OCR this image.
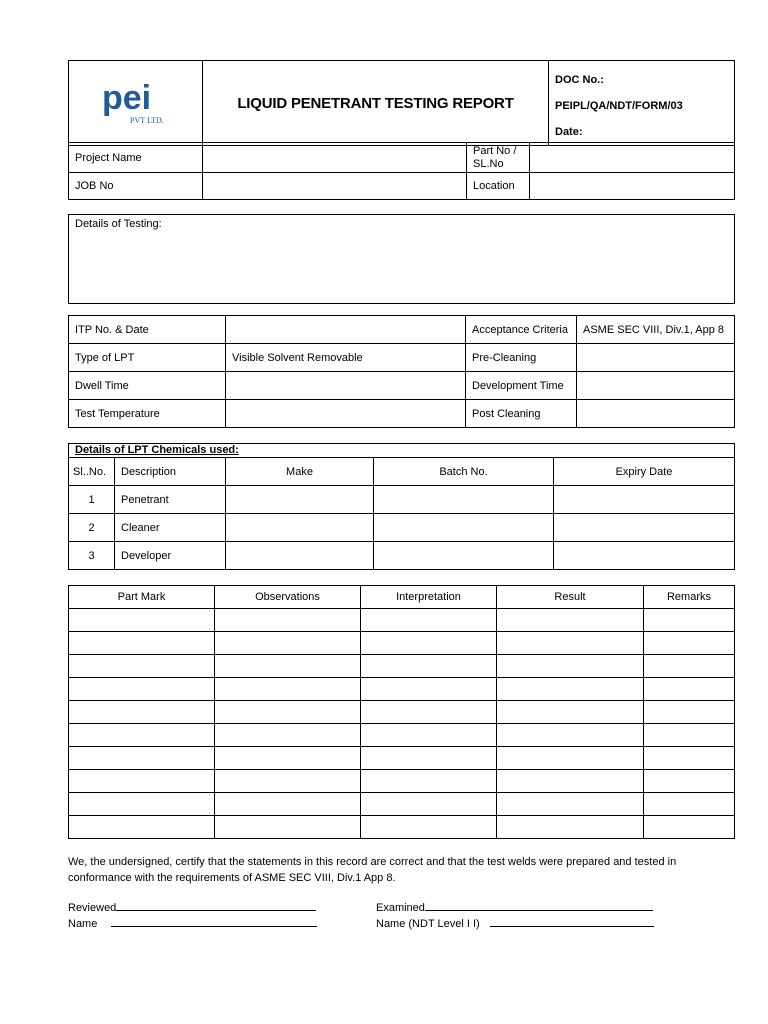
pei
PVT LTD.
	LIQUID PENETRANT TESTING REPORT	
DOC No.: PEIPL/QA/NDT/FORM/03
Date:
Project Name		Part No /
SL.No	

JOB No		Location	
Details of Testing:
ITP No. & Date		Acceptance Criteria	ASME SEC VIII, Div.1, App 8
Type of LPT	Visible Solvent Removable	Pre-Cleaning	
Dwell Time		Development Time	
Test Temperature		Post Cleaning	
Details of LPT Chemicals used:				
Sl..No.	Description	Make	Batch No.	Expiry Date
1	Penetrant			
2	Cleaner			
3	Developer			
Part Mark	Observations	Interpretation	Result	Remarks

We, the undersigned, certify that the statements in this record are correct and that the test welds were prepared and tested in conformance with the requirements of ASME SEC VIII, Div.1 App 8.
Reviewed
Name
Examined
Name (NDT Level I I)
